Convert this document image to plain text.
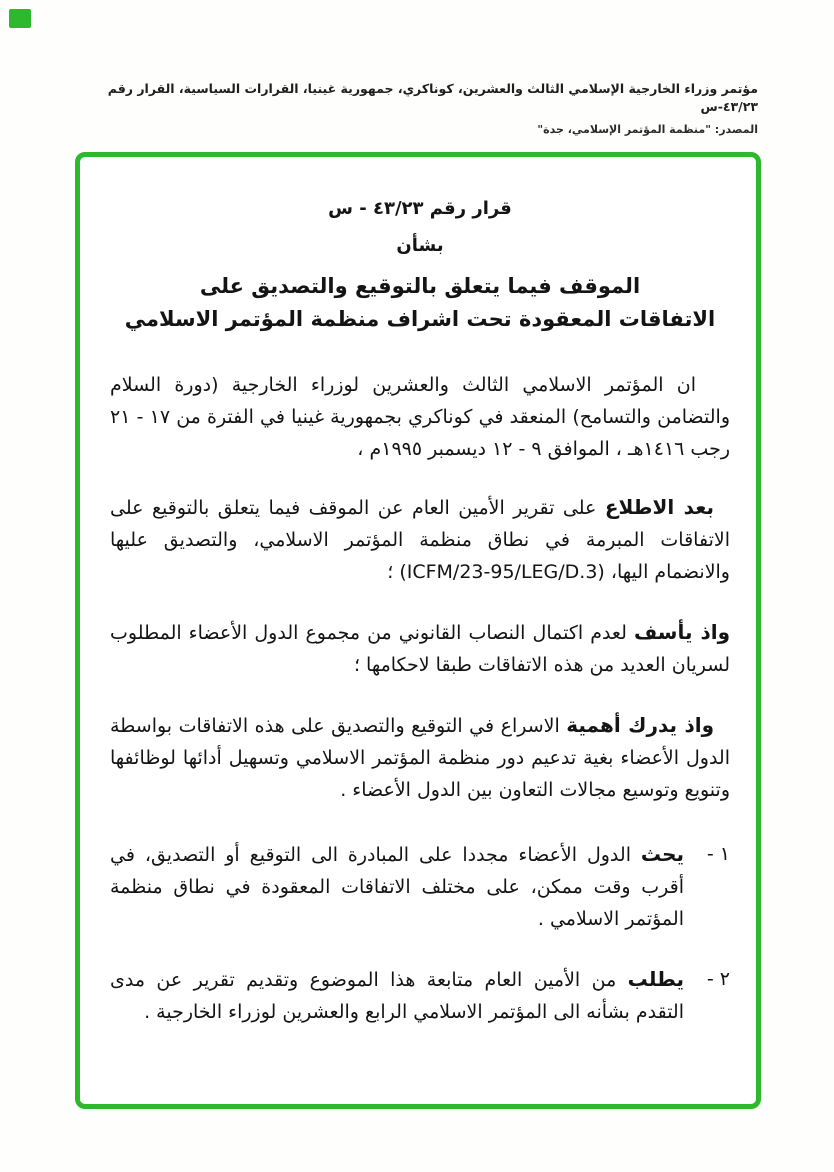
مؤتمر وزراء الخارجية الإسلامي الثالث والعشرين، كوناكري، جمهورية غينيا، القرارات السياسية، القرار رقم ٤٣/٢٣-س
المصدر: "منظمة المؤتمر الإسلامي، جدة"
قرار رقم ٤٣/٢٣ - س
بشأن
الموقف فيما يتعلق بالتوقيع والتصديق على
الاتفاقات المعقودة تحت اشراف منظمة المؤتمر الاسلامي

ان المؤتمر الاسلامي الثالث والعشرين لوزراء الخارجية (دورة السلام والتضامن والتسامح) المنعقد في كوناكري بجمهورية غينيا في الفترة من ١٧ - ٢١ رجب ١٤١٦هـ ، الموافق ٩ - ١٢ ديسمبر ١٩٩٥م ،

بعد الاطلاع على تقرير الأمين العام عن الموقف فيما يتعلق بالتوقيع على الاتفاقات المبرمة في نطاق منظمة المؤتمر الاسلامي، والتصديق عليها والانضمام اليها، (ICFM/23-95/LEG/D.3) ؛

واذ يأسف لعدم اكتمال النصاب القانوني من مجموع الدول الأعضاء المطلوب لسريان العديد من هذه الاتفاقات طبقا لاحكامها ؛

واذ يدرك أهمية الاسراع في التوقيع والتصديق على هذه الاتفاقات بواسطة الدول الأعضاء بغية تدعيم دور منظمة المؤتمر الاسلامي وتسهيل أدائها لوظائفها وتنويع وتوسيع مجالات التعاون بين الدول الأعضاء .

١ -

يحث الدول الأعضاء مجددا على المبادرة الى التوقيع أو التصديق، في أقرب وقت ممكن، على مختلف الاتفاقات المعقودة في نطاق منظمة المؤتمر الاسلامي .

٢ -

يطلب من الأمين العام متابعة هذا الموضوع وتقديم تقرير عن مدى التقدم بشأنه الى المؤتمر الاسلامي الرابع والعشرين لوزراء الخارجية .
